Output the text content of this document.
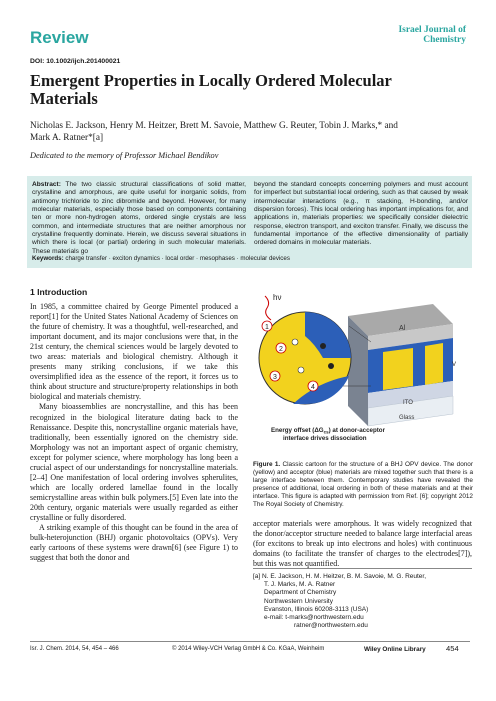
Review	Israel Journal of Chemistry
DOI: 10.1002/ijch.201400021
Emergent Properties in Locally Ordered Molecular Materials
Nicholas E. Jackson, Henry M. Heitzer, Brett M. Savoie, Matthew G. Reuter, Tobin J. Marks,* and
Mark A. Ratner*[a]
Dedicated to the memory of Professor Michael Bendikov
Abstract: The two classic structural classifications of solid matter, crystalline and amorphous, are quite useful for inorganic solids, from antimony trichloride to zinc dibromide and beyond. However, for many molecular materials, especially those based on components containing ten or more non-hydrogen atoms, ordered single crystals are less common, and intermediate structures that are neither amorphous nor crystalline frequently dominate. Herein, we discuss several situations in which there is local (or partial) ordering in such molecular materials. These materials go
beyond the standard concepts concerning polymers and must account for imperfect but substantial local ordering, such as that caused by weak intermolecular interactions (e.g., π stacking, H-bonding, and/or dispersion forces). This local ordering has important implications for, and applications in, materials properties: we specifically consider dielectric response, electron transport, and exciton transfer. Finally, we discuss the fundamental importance of the effective dimensionality of partially ordered domains in molecular materials.
Keywords: charge transfer · exciton dynamics · local order · mesophases · molecular devices
1 Introduction

In 1985, a committee chaired by George Pimentel produced a report[1] for the United States National Academy of Sciences on the future of chemistry. It was a thoughtful, well-researched, and important document, and its major conclusions were that, in the 21st century, the chemical sciences would be largely devoted to two areas: materials and biological chemistry. Although it presents many striking conclusions, if we take this oversimplified idea as the essence of the report, it forces us to think about structure and structure/property relationships in both biological and materials chemistry.

Many bioassemblies are noncrystalline, and this has been recognized in the biological literature dating back to the Renaissance. Despite this, noncrystalline organic materials have, traditionally, been essentially ignored on the chemistry side. Morphology was not an important aspect of organic chemistry, except for polymer science, where morphology has long been a crucial aspect of our understandings for noncrystalline materials.[2–4] One manifestation of local ordering involves spherulites, which are locally ordered lamellae found in the locally semicrystalline areas within bulk polymers.[5] Even late into the 20th century, organic materials were usually regarded as either crystalline or fully disordered.

A striking example of this thought can be found in the area of bulk-heterojunction (BHJ) organic photovoltaics (OPVs). Very early cartoons of these systems were drawn[6] (see Figure 1) to suggest that both the donor and

Al
ITO
Glass
V
1
2
3
4
hν
Energy offset $(\Delta G_{cs})$ at donor-acceptor
interface drives dissociation
Figure 1. Classic cartoon for the structure of a BHJ OPV device. The donor (yellow) and acceptor (blue) materials are mixed together such that there is a large interface between them. Contemporary studies have revealed the presence of additional, local ordering in both of these materials and at their interface. This figure is adapted with permission from Ref. [6]; copyright 2012 The Royal Society of Chemistry.
acceptor materials were amorphous. It was widely recognized that the donor/acceptor structure needed to balance large interfacial areas (for excitons to break up into electrons and holes) with continuous domains (to facilitate the transfer of charges to the electrodes[7]), but this was not quantified.
[a] N. E. Jackson, H. M. Heitzer, B. M. Savoie, M. G. Reuter,
T. J. Marks, M. A. Ratner
Department of Chemistry
Northwestern University
Evanston, Illinois 60208-3113 (USA)
e-mail: t-marks@northwestern.edu
ratner@northwestern.edu
Isr. J. Chem. 2014, 54, 454 – 466	© 2014 Wiley-VCH Verlag GmbH & Co. KGaA, Weinheim	Wiley Online Library	454
